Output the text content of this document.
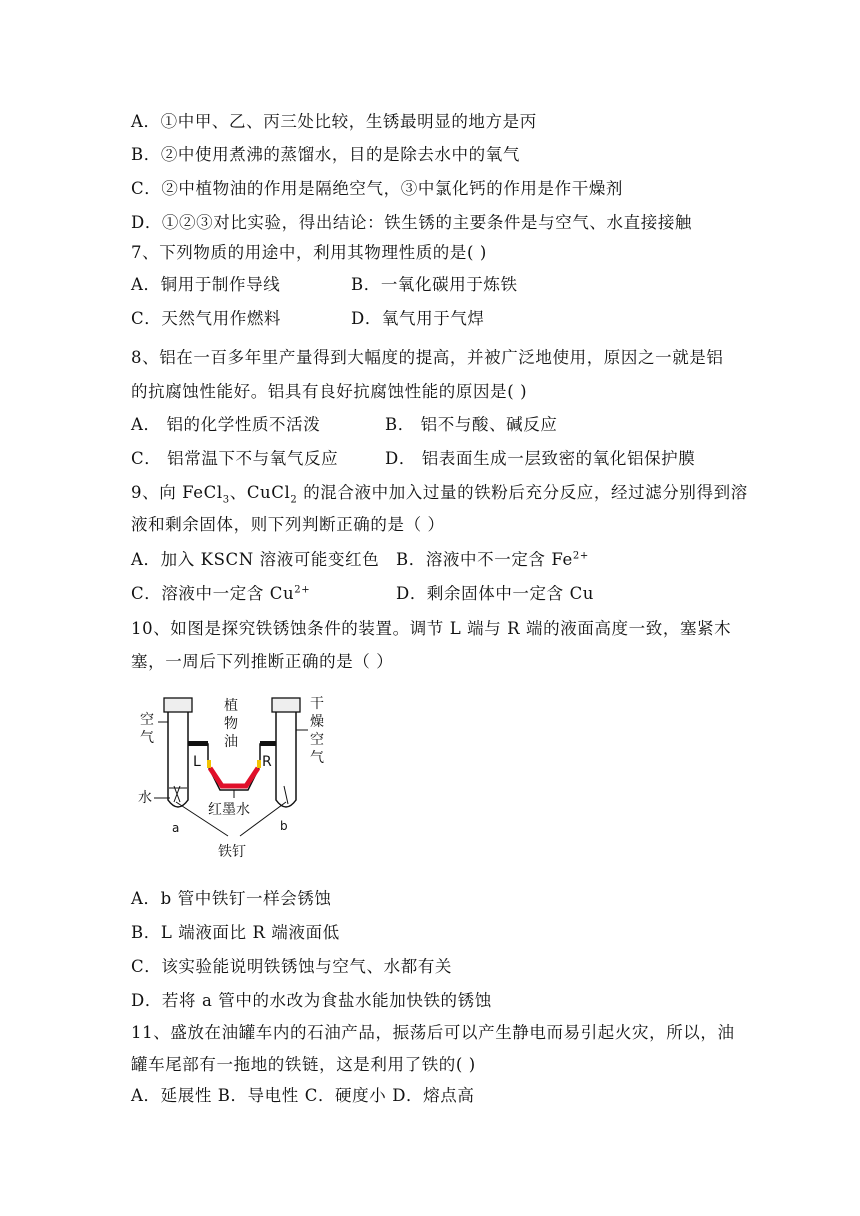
A．①中甲、乙、丙三处比较，生锈最明显的地方是丙
B．②中使用煮沸的蒸馏水，目的是除去水中的氧气
C．②中植物油的作用是隔绝空气，③中氯化钙的作用是作干燥剂
D．①②③对比实验，得出结论：铁生锈的主要条件是与空气、水直接接触
7、下列物质的用途中，利用其物理性质的是( )
A．铜用于制作导线	B．一氧化碳用于炼铁
C．天然气用作燃料	D．氧气用于气焊
8、铝在一百多年里产量得到大幅度的提高，并被广泛地使用，原因之一就是铝
的抗腐蚀性能好。铝具有良好抗腐蚀性能的原因是( )
A． 铝的化学性质不活泼	B． 铝不与酸、碱反应
C． 铝常温下不与氧气反应	D． 铝表面生成一层致密的氧化铝保护膜
9、向 FeCl$_3$、CuCl$_2$ 的混合液中加入过量的铁粉后充分反应，经过滤分别得到溶
液和剩余固体，则下列判断正确的是（ ）
A．加入 KSCN 溶液可能变红色 B．溶液中不一定含 $Fe^{2+}$
C．溶液中一定含 $Cu^{2+}$	D．剩余固体中一定含 Cu
10、如图是探究铁锈蚀条件的装置。调节 L 端与 R 端的液面高度一致，塞紧木
塞，一周后下列推断正确的是（ ）
空
气
植
物
油
干
燥
空
气
水
红墨水
L	R
a	b
铁钉
A．b 管中铁钉一样会锈蚀
B．L 端液面比 R 端液面低
C．该实验能说明铁锈蚀与空气、水都有关
D．若将 a 管中的水改为食盐水能加快铁的锈蚀
11、盛放在油罐车内的石油产品，振荡后可以产生静电而易引起火灾，所以，油
罐车尾部有一拖地的铁链，这是利用了铁的( )
A．延展性 B．导电性 C．硬度小 D．熔点高
